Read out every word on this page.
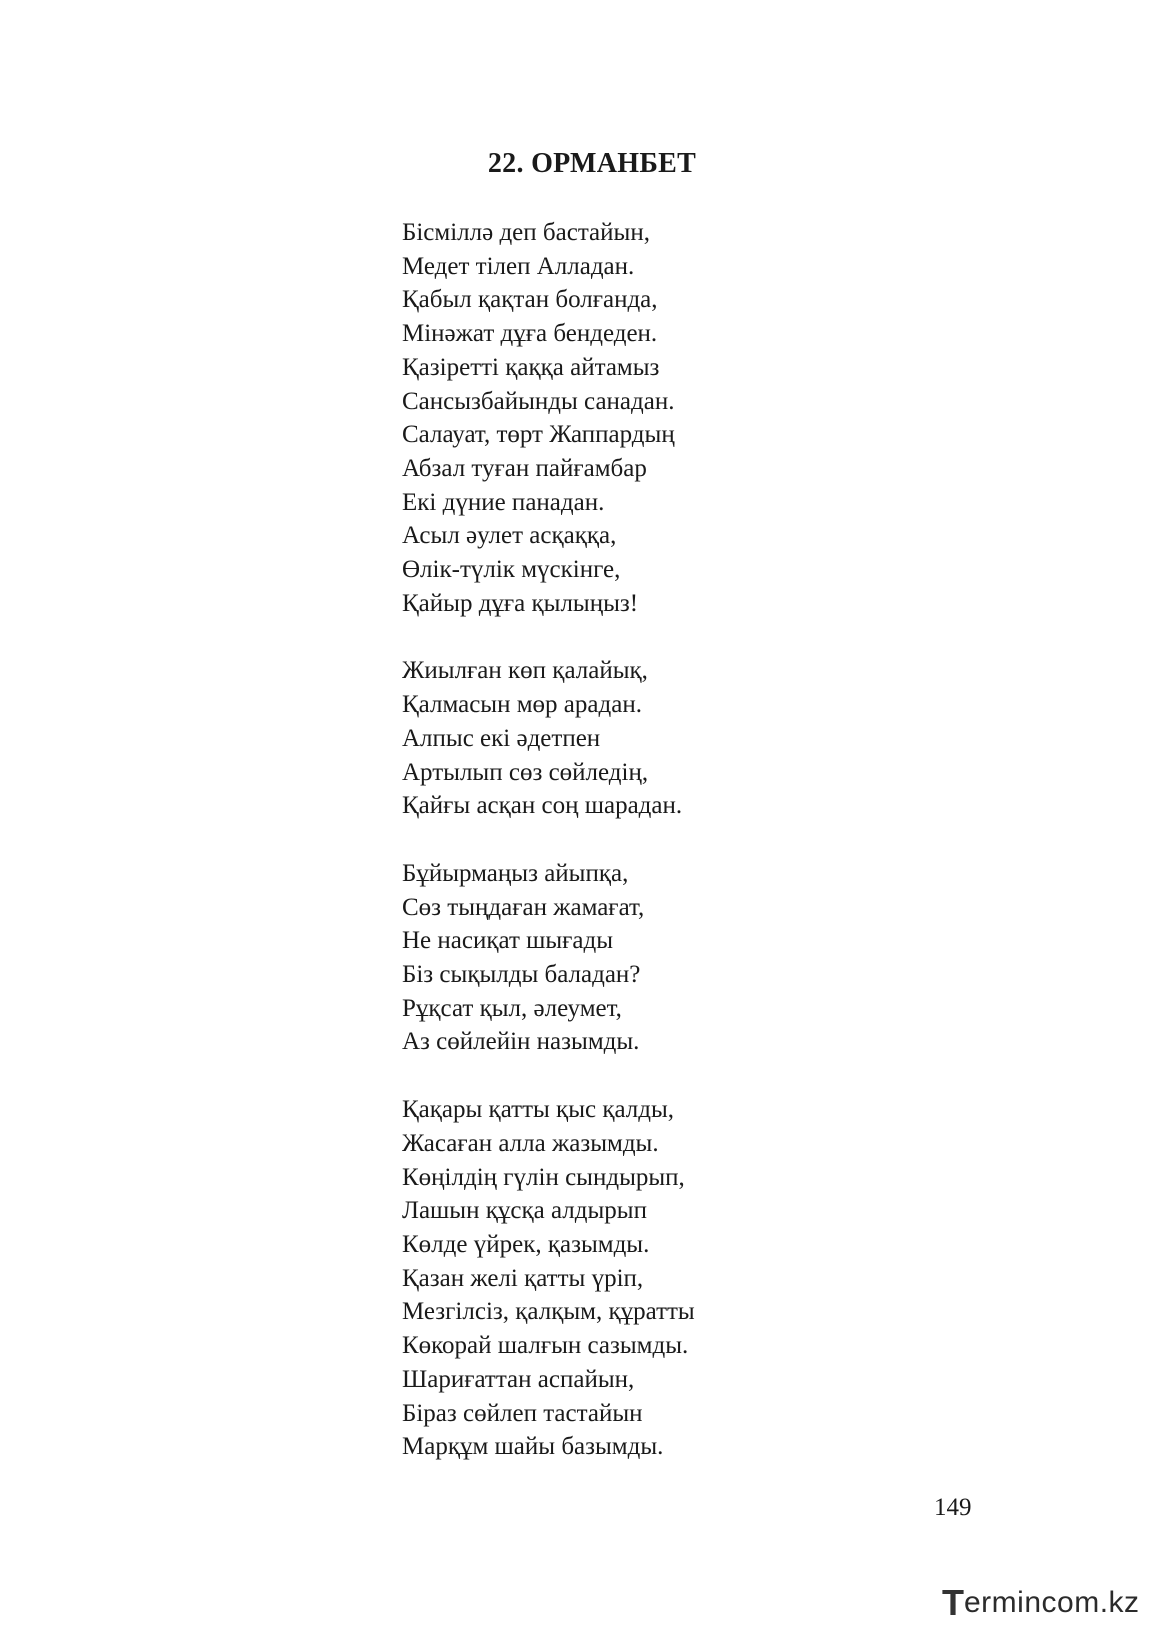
22. ОРМАНБЕТ
Бісміллә деп бастайын,
Медет тілеп Алладан.
Қабыл қақтан болғанда,
Мінәжат дұға бендеден.
Қазіретті қаққа айтамыз
Сансызбайынды санадан.
Салауат, төрт Жаппардың
Абзал туған пайғамбар
Екі дүние панадан.
Асыл әулет асқаққа,
Өлік-түлік мүскінге,
Қайыр дұға қылыңыз!
Жиылған көп қалайық,
Қалмасын мөр арадан.
Алпыс екі әдетпен
Артылып сөз сөйледің,
Қайғы асқан соң шарадан.
Бұйырмаңыз айыпқа,
Сөз тыңдаған жамағат,
Не насиқат шығады
Біз сықылды баладан?
Рұқсат қыл, әлеумет,
Аз сөйлейін назымды.
Қақары қатты қыс қалды,
Жасаған алла жазымды.
Көңілдің гүлін сындырып,
Лашын құсқа алдырып
Көлде үйрек, қазымды.
Қазан желі қатты үріп,
Мезгілсіз, қалқым, құратты
Көкорай шалғын сазымды.
Шариғаттан аспайын,
Біраз сөйлеп тастайын
Марқұм шайы базымды.
149
T ermincom.kz
